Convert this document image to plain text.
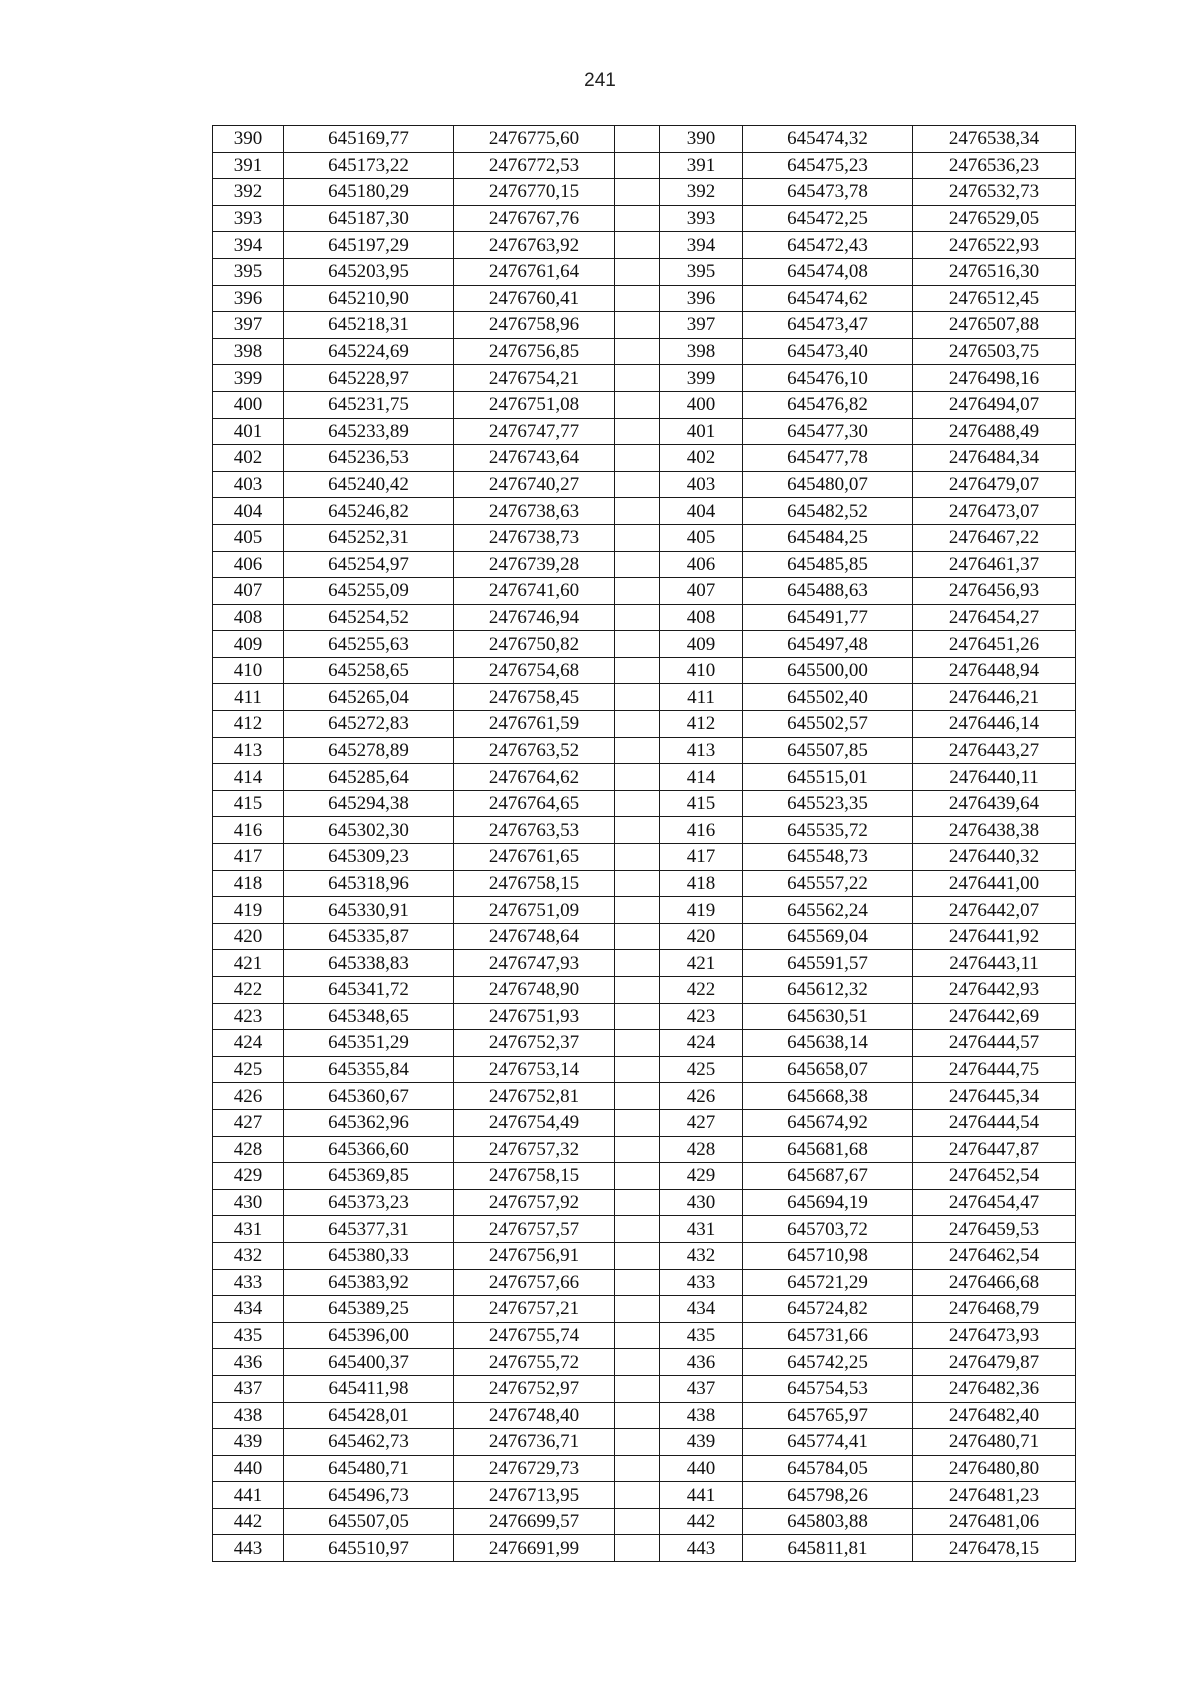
241
390	645169,77	2476775,60		390	645474,32	2476538,34
391	645173,22	2476772,53		391	645475,23	2476536,23
392	645180,29	2476770,15		392	645473,78	2476532,73
393	645187,30	2476767,76		393	645472,25	2476529,05
394	645197,29	2476763,92		394	645472,43	2476522,93
395	645203,95	2476761,64		395	645474,08	2476516,30
396	645210,90	2476760,41		396	645474,62	2476512,45
397	645218,31	2476758,96		397	645473,47	2476507,88
398	645224,69	2476756,85		398	645473,40	2476503,75
399	645228,97	2476754,21		399	645476,10	2476498,16
400	645231,75	2476751,08		400	645476,82	2476494,07
401	645233,89	2476747,77		401	645477,30	2476488,49
402	645236,53	2476743,64		402	645477,78	2476484,34
403	645240,42	2476740,27		403	645480,07	2476479,07
404	645246,82	2476738,63		404	645482,52	2476473,07
405	645252,31	2476738,73		405	645484,25	2476467,22
406	645254,97	2476739,28		406	645485,85	2476461,37
407	645255,09	2476741,60		407	645488,63	2476456,93
408	645254,52	2476746,94		408	645491,77	2476454,27
409	645255,63	2476750,82		409	645497,48	2476451,26
410	645258,65	2476754,68		410	645500,00	2476448,94
411	645265,04	2476758,45		411	645502,40	2476446,21
412	645272,83	2476761,59		412	645502,57	2476446,14
413	645278,89	2476763,52		413	645507,85	2476443,27
414	645285,64	2476764,62		414	645515,01	2476440,11
415	645294,38	2476764,65		415	645523,35	2476439,64
416	645302,30	2476763,53		416	645535,72	2476438,38
417	645309,23	2476761,65		417	645548,73	2476440,32
418	645318,96	2476758,15		418	645557,22	2476441,00
419	645330,91	2476751,09		419	645562,24	2476442,07
420	645335,87	2476748,64		420	645569,04	2476441,92
421	645338,83	2476747,93		421	645591,57	2476443,11
422	645341,72	2476748,90		422	645612,32	2476442,93
423	645348,65	2476751,93		423	645630,51	2476442,69
424	645351,29	2476752,37		424	645638,14	2476444,57
425	645355,84	2476753,14		425	645658,07	2476444,75
426	645360,67	2476752,81		426	645668,38	2476445,34
427	645362,96	2476754,49		427	645674,92	2476444,54
428	645366,60	2476757,32		428	645681,68	2476447,87
429	645369,85	2476758,15		429	645687,67	2476452,54
430	645373,23	2476757,92		430	645694,19	2476454,47
431	645377,31	2476757,57		431	645703,72	2476459,53
432	645380,33	2476756,91		432	645710,98	2476462,54
433	645383,92	2476757,66		433	645721,29	2476466,68
434	645389,25	2476757,21		434	645724,82	2476468,79
435	645396,00	2476755,74		435	645731,66	2476473,93
436	645400,37	2476755,72		436	645742,25	2476479,87
437	645411,98	2476752,97		437	645754,53	2476482,36
438	645428,01	2476748,40		438	645765,97	2476482,40
439	645462,73	2476736,71		439	645774,41	2476480,71
440	645480,71	2476729,73		440	645784,05	2476480,80
441	645496,73	2476713,95		441	645798,26	2476481,23
442	645507,05	2476699,57		442	645803,88	2476481,06
443	645510,97	2476691,99		443	645811,81	2476478,15
